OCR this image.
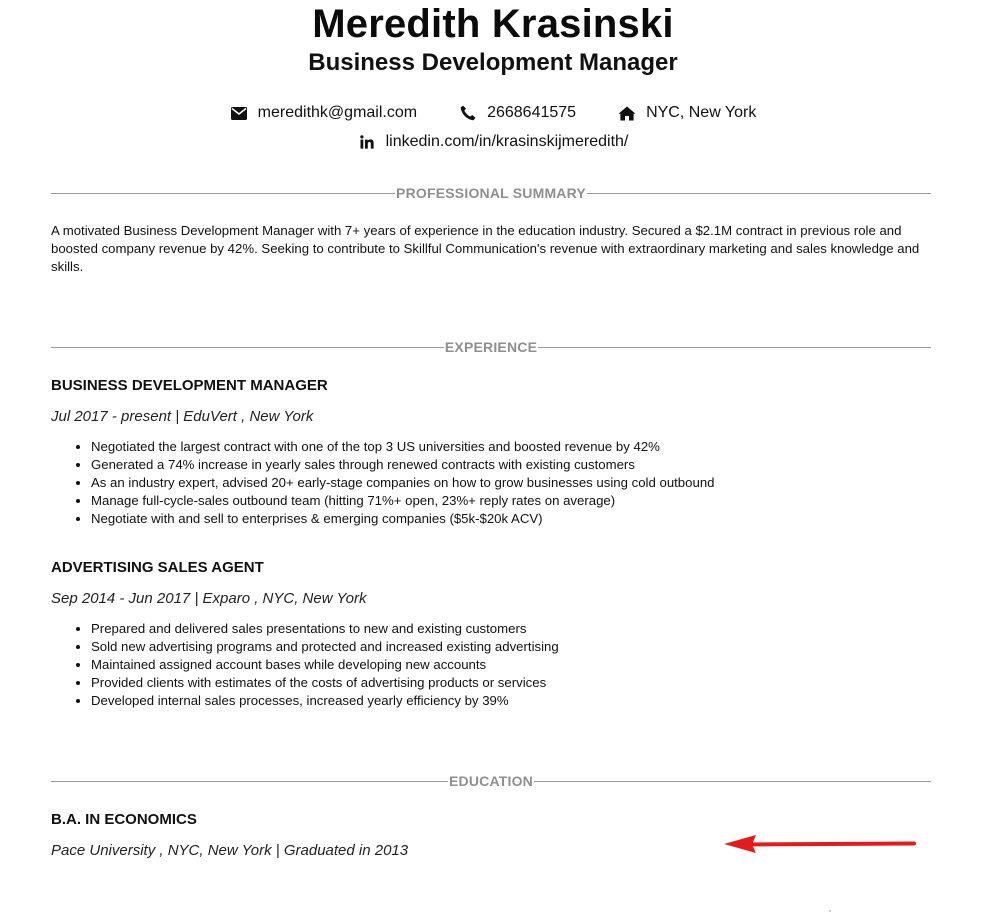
Meredith Krasinski
Business Development Manager
meredithk@gmail.com	2668641575	NYC, New York
linkedin.com/in/krasinskijmeredith/
PROFESSIONAL SUMMARY
A motivated Business Development Manager with 7+ years of experience in the education industry. Secured a $2.1M contract in previous role and boosted company revenue by 42%. Seeking to contribute to Skillful Communication's revenue with extraordinary marketing and sales knowledge and skills.
EXPERIENCE
BUSINESS DEVELOPMENT MANAGER
Jul 2017 - present | EduVert , New York
• Negotiated the largest contract with one of the top 3 US universities and boosted revenue by 42%
• Generated a 74% increase in yearly sales through renewed contracts with existing customers
• As an industry expert, advised 20+ early-stage companies on how to grow businesses using cold outbound
• Manage full-cycle-sales outbound team (hitting 71%+ open, 23%+ reply rates on average)
• Negotiate with and sell to enterprises & emerging companies ($5k-$20k ACV)
ADVERTISING SALES AGENT
Sep 2014 - Jun 2017 | Exparo , NYC, New York
• Prepared and delivered sales presentations to new and existing customers
• Sold new advertising programs and protected and increased existing advertising
• Maintained assigned account bases while developing new accounts
• Provided clients with estimates of the costs of advertising products or services
• Developed internal sales processes, increased yearly efficiency by 39%
EDUCATION
B.A. IN ECONOMICS
Pace University , NYC, New York | Graduated in 2013
